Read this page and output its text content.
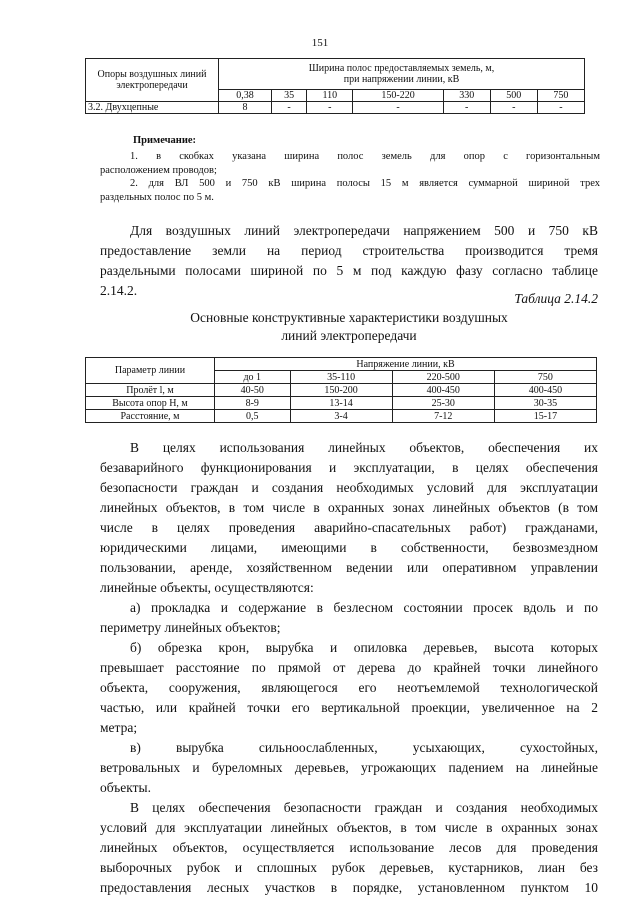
151
Опоры воздушных линий электропередачи	Ширина полос предоставляемых земель, м,
при напряжении линии, кВ						

	0,38	35	110	150-220	330	500	750
3.2. Двухцепные	8	-	-	-	-	-	-
Примечание:
1. в скобках указана ширина полос земель для опор с горизонтальным
расположением проводов;
2. для ВЛ 500 и 750 кВ ширина полосы 15 м является суммарной шириной трех
раздельных полос по 5 м.
Для воздушных линий электропередачи напряжением 500 и 750 кВ
предоставление земли на период строительства производится тремя
раздельными полосами шириной по 5 м под каждую фазу согласно таблице
2.14.2.
Таблица 2.14.2
Основные конструктивные характеристики воздушных
линий электропередачи
Параметр линии	Напряжение линии, кВ			
	до 1	35-110	220-500	750
Пролёт l, м	40-50	150-200	400-450	400-450
Высота опор Н, м	8-9	13-14	25-30	30-35
Расстояние, м	0,5	3-4	7-12	15-17
В целях использования линейных объектов, обеспечения их
безаварийного функционирования и эксплуатации, в целях обеспечения
безопасности граждан и создания необходимых условий для эксплуатации
линейных объектов, в том числе в охранных зонах линейных объектов (в том
числе в целях проведения аварийно-спасательных работ) гражданами,
юридическими лицами, имеющими в собственности, безвозмездном
пользовании, аренде, хозяйственном ведении или оперативном управлении
линейные объекты, осуществляются:
а) прокладка и содержание в безлесном состоянии просек вдоль и по
периметру линейных объектов;
б) обрезка крон, вырубка и опиловка деревьев, высота которых
превышает расстояние по прямой от дерева до крайней точки линейного
объекта, сооружения, являющегося его неотъемлемой технологической
частью, или крайней точки его вертикальной проекции, увеличенное на 2
метра;
в) вырубка сильноослабленных, усыхающих, сухостойных,
ветровальных и буреломных деревьев, угрожающих падением на линейные
объекты.
В целях обеспечения безопасности граждан и создания необходимых
условий для эксплуатации линейных объектов, в том числе в охранных зонах
линейных объектов, осуществляется использование лесов для проведения
выборочных рубок и сплошных рубок деревьев, кустарников, лиан без
предоставления лесных участков в порядке, установленном пунктом 10
